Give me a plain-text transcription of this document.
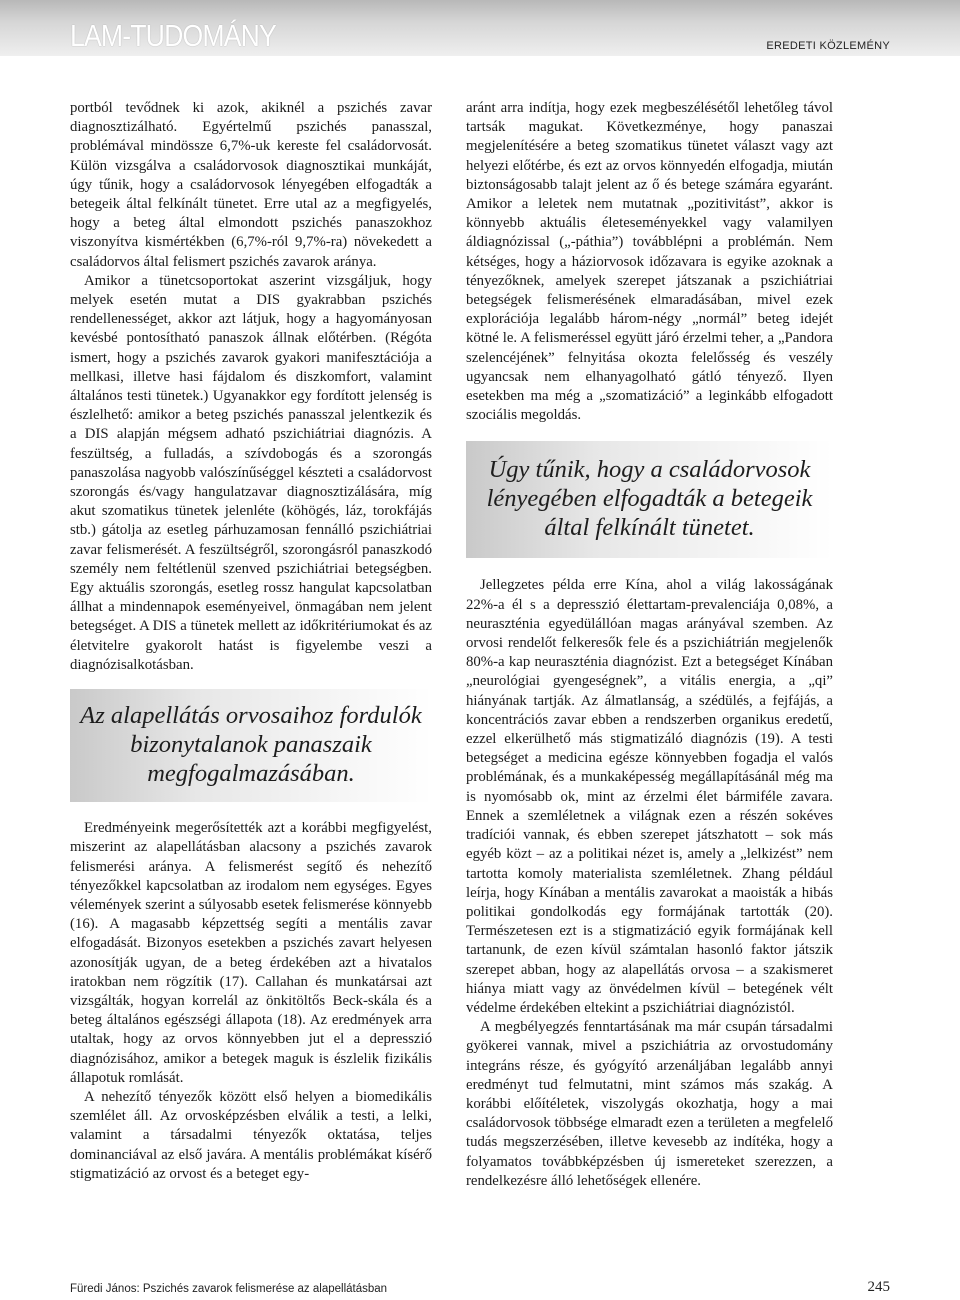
LAM-TUDOMÁNY	EREDETI KÖZLEMÉNY

portból tevődnek ki azok, akiknél a pszichés zavar diagnosztizálható. Egyértelmű pszichés panasszal, problémával mindössze 6,7%-uk kereste fel családorvosát. Külön vizsgálva a családorvosok diagnosztikai munkáját, úgy tűnik, hogy a családorvosok lényegében elfogadták a betegeik által felkínált tünetet. Erre utal az a megfigyelés, hogy a beteg által elmondott pszichés panaszokhoz viszonyítva kismértékben (6,7%-ról 9,7%-ra) növekedett a családorvos által felismert pszichés zavarok aránya.

Amikor a tünetcsoportokat aszerint vizsgáljuk, hogy melyek esetén mutat a DIS gyakrabban pszichés rendellenességet, akkor azt látjuk, hogy a hagyományosan kevésbé pontosítható panaszok állnak előtérben. (Régóta ismert, hogy a pszichés zavarok gyakori manifesztációja a mellkasi, illetve hasi fájdalom és diszkomfort, valamint általános testi tünetek.) Ugyanakkor egy fordított jelenség is észlelhető: amikor a beteg pszichés panasszal jelentkezik és a DIS alapján mégsem adható pszichiátriai diagnózis. A feszültség, a fulladás, a szívdobogás és a szorongás panaszolása nagyobb valószínűséggel készteti a családorvost szorongás és/vagy hangulatzavar diagnosztizálására, míg akut szomatikus tünetek jelenléte (köhögés, láz, torokfájás stb.) gátolja az esetleg párhuzamosan fennálló pszichiátriai zavar felismerését. A feszültségről, szorongásról panaszkodó személy nem feltétlenül szenved pszichiátriai betegségben. Egy aktuális szorongás, esetleg rossz hangulat kapcsolatban állhat a mindennapok eseményeivel, önmagában nem jelent betegséget. A DIS a tünetek mellett az időkritériumokat és az életvitelre gyakorolt hatást is figyelembe veszi a diagnózisalkotásban.

Az alapellátás orvosaihoz fordulók bizonytalanok panaszaik megfogalmazásában.

Eredményeink megerősítették azt a korábbi megfigyelést, miszerint az alapellátásban alacsony a pszichés zavarok felismerési aránya. A felismerést segítő és nehezítő tényezőkkel kapcsolatban az irodalom nem egységes. Egyes vélemények szerint a súlyosabb esetek felismerése könnyebb (16). A magasabb képzettség segíti a mentális zavar elfogadását. Bizonyos esetekben a pszichés zavart helyesen azonosítják ugyan, de a beteg érdekében azt a hivatalos iratokban nem rögzítik (17). Callahan és munkatársai azt vizsgálták, hogyan korrelál az önkitöltős Beck-skála és a beteg általános egészségi állapota (18). Az eredmények arra utaltak, hogy az orvos könnyebben jut el a depresszió diagnózisához, amikor a betegek maguk is észlelik fizikális állapotuk romlását.

A nehezítő tényezők között első helyen a biomedikális szemlélet áll. Az orvosképzésben elválik a testi, a lelki, valamint a társadalmi tényezők oktatása, teljes dominanciával az első javára. A mentális problémákat kísérő stigmatizáció az orvost és a beteget egy-

aránt arra indítja, hogy ezek megbeszélésétől lehetőleg távol tartsák magukat. Következménye, hogy panaszai megjelenítésére a beteg szomatikus tünetet választ vagy azt helyezi előtérbe, és ezt az orvos könnyedén elfogadja, miután biztonságosabb talajt jelent az ő és betege számára egyaránt. Amikor a leletek nem mutatnak „pozitivitást”, akkor is könnyebb aktuális életeseményekkel vagy valamilyen áldiagnózissal („-páthia”) továbblépni a problémán. Nem kétséges, hogy a háziorvosok időzavara is egyike azoknak a tényezőknek, amelyek szerepet játszanak a pszichiátriai betegségek felismerésének elmaradásában, mivel ezek explorációja legalább három-négy „normál” beteg idejét kötné le. A felismeréssel együtt járó érzelmi teher, a „Pandora szelencéjének” felnyitása okozta felelősség és veszély ugyancsak nem elhanyagolható gátló tényező. Ilyen esetekben ma még a „szomatizáció” a leginkább elfogadott szociális megoldás.

Úgy tűnik, hogy a családorvosok lényegében elfogadták a betegeik által felkínált tünetet.

Jellegzetes példa erre Kína, ahol a világ lakosságának 22%-a él s a depresszió élettartam-prevalenciája 0,08%, a neuraszténia egyedülállóan magas arányával szemben. Az orvosi rendelőt felkeresők fele és a pszichiátrián megjelenők 80%-a kap neuraszténia diagnózist. Ezt a betegséget Kínában „neurológiai gyengeségnek”, a vitális energia, a „qi” hiányának tartják. Az álmatlanság, a szédülés, a fejfájás, a koncentrációs zavar ebben a rendszerben organikus eredetű, ezzel elkerülhető más stigmatizáló diagnózis (19). A testi betegséget a medicina egésze könnyebben fogadja el valós problémának, és a munkaképesség megállapításánál még ma is nyomósabb ok, mint az érzelmi élet bármiféle zavara. Ennek a szemléletnek a világnak ezen a részén sokéves tradíciói vannak, és ebben szerepet játszhatott – sok más egyéb közt – az a politikai nézet is, amely a „lelkizést” nem tartotta komoly materialista szemléletnek. Zhang például leírja, hogy Kínában a mentális zavarokat a maoisták a hibás politikai gondolkodás egy formájának tartották (20). Természetesen ezt is a stigmatizáció egyik formájának kell tartanunk, de ezen kívül számtalan hasonló faktor játszik szerepet abban, hogy az alapellátás orvosa – a szakismeret hiánya miatt vagy az önvédelmen kívül – betegének vélt védelme érdekében eltekint a pszichiátriai diagnózistól.

A megbélyegzés fenntartásának ma már csupán társadalmi gyökerei vannak, mivel a pszichiátria az orvostudomány integráns része, és gyógyító arzenáljában legalább annyi eredményt tud felmutatni, mint számos más szakág. A korábbi előítéletek, viszolygás okozhatja, hogy a mai családorvosok többsége elmaradt ezen a területen a megfelelő tudás megszerzésében, illetve kevesebb az indítéka, hogy a folyamatos továbbképzésben új ismereteket szerezzen, a rendelkezésre álló lehetőségek ellenére.

Füredi János: Pszichés zavarok felismerése az alapellátásban	245
